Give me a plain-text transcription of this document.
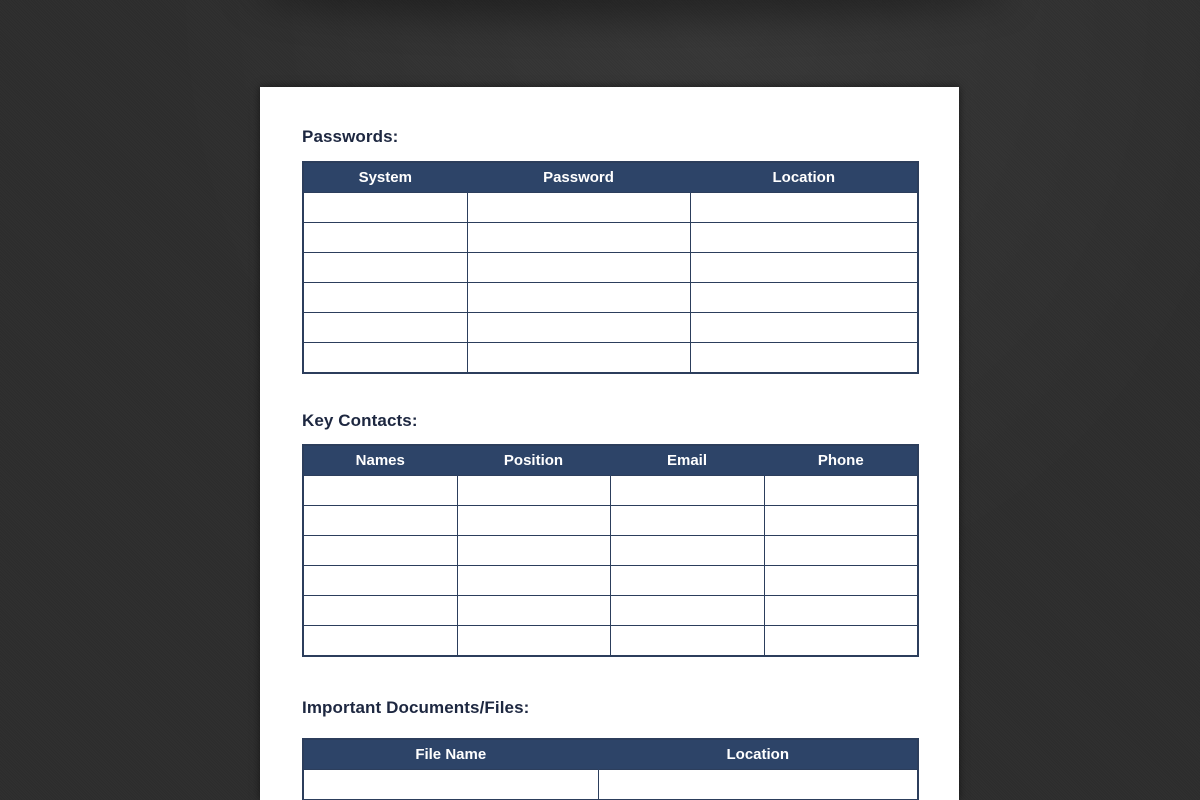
Passwords:
System	Password	Location

Key Contacts:
Names	Position	Email	Phone

Important Documents/Files:
File Name	Location
